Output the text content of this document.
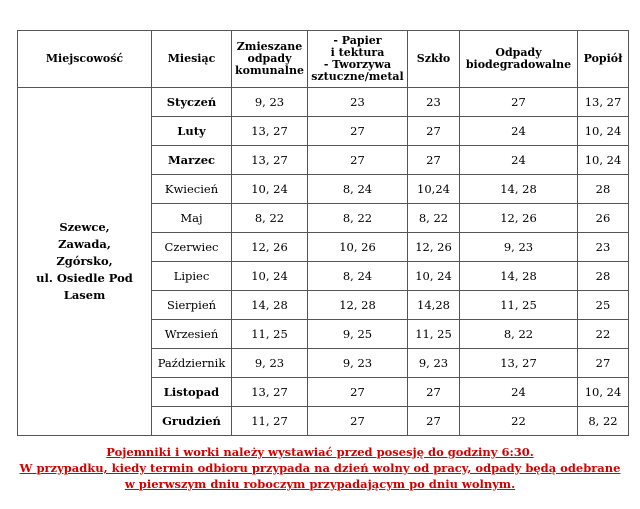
Miejscowość	Miesiąc	Zmieszane
odpady
komunalne	- Papier
i tektura
- Tworzywa
sztuczne/metal	Szkło	Odpady
biodegradowalne	Popiół
Szewce,
Zawada,
Zgórsko,
ul. Osiedle Pod
Lasem	Styczeń	9, 23	23	23	27	13, 27
	Luty	13, 27	27	27	24	10, 24
	Marzec	13, 27	27	27	24	10, 24
	Kwiecień	10, 24	8, 24	10,24	14, 28	28
	Maj	8, 22	8, 22	8, 22	12, 26	26
	Czerwiec	12, 26	10, 26	12, 26	9, 23	23
	Lipiec	10, 24	8, 24	10, 24	14, 28	28
	Sierpień	14, 28	12, 28	14,28	11, 25	25
	Wrzesień	11, 25	9, 25	11, 25	8, 22	22
	Październik	9, 23	9, 23	9, 23	13, 27	27
	Listopad	13, 27	27	27	24	10, 24
	Grudzień	11, 27	27	27	22	8, 22
Pojemniki i worki należy wystawiać przed posesję do godziny 6:30.
W przypadku, kiedy termin odbioru przypada na dzień wolny od pracy, odpady będą odebrane
w pierwszym dniu roboczym przypadającym po dniu wolnym.
